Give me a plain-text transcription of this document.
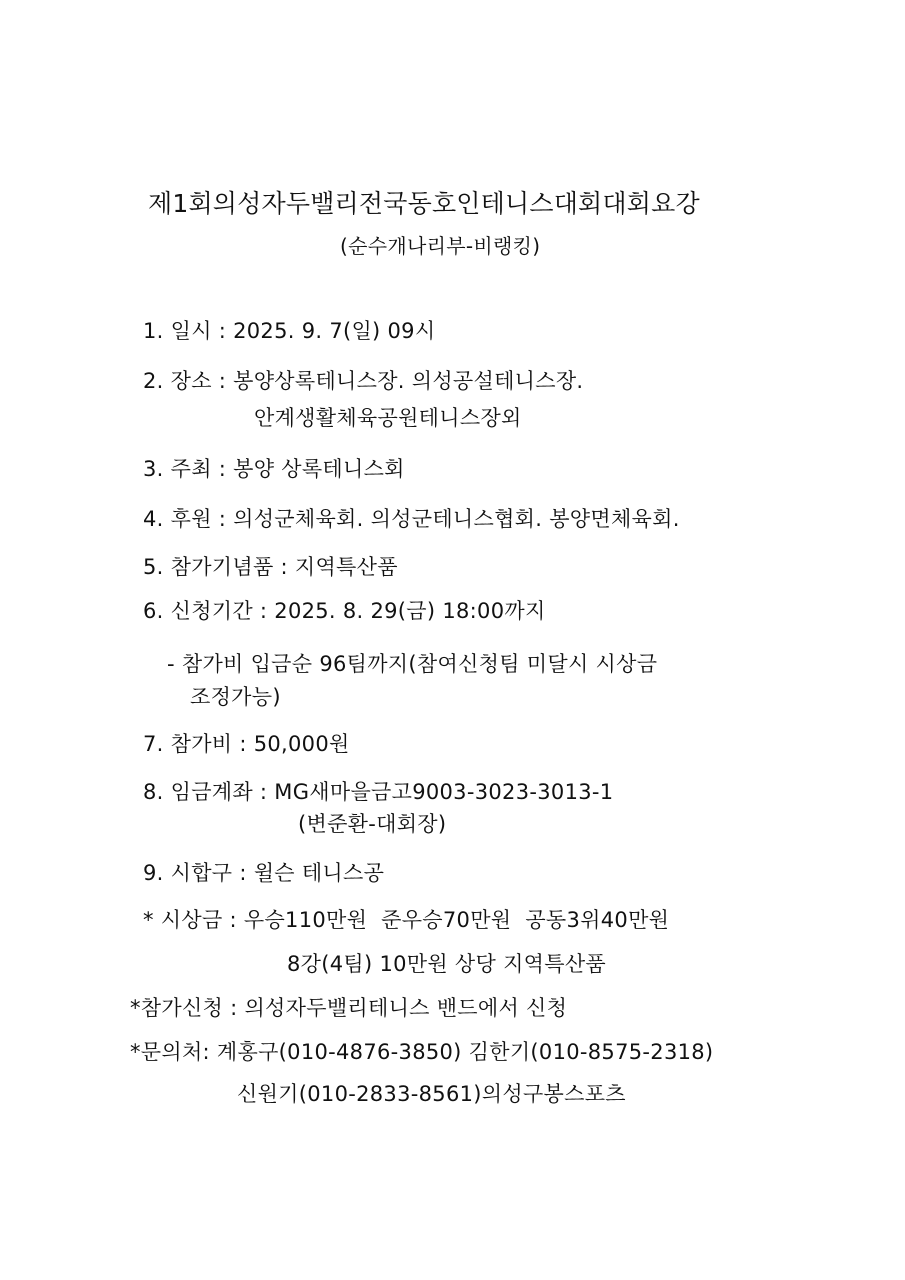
제1회의성자두밸리전국동호인테니스대회대회요강
(순수개나리부-비랭킹)
1. 일시 : 2025. 9. 7(일) 09시
2. 장소 : 봉양상록테니스장. 의성공설테니스장.
안계생활체육공원테니스장외
3. 주최 : 봉양 상록테니스회
4. 후원 : 의성군체육회. 의성군테니스협회. 봉양면체육회.
5. 참가기념품 : 지역특산품
6. 신청기간 : 2025. 8. 29(금) 18:00까지
- 참가비 입금순 96팀까지(참여신청팀 미달시 시상금
조정가능)
7. 참가비 : 50,000원
8. 임금계좌 : MG새마을금고9003-3023-3013-1
(변준환-대회장)
9. 시합구 : 윌슨 테니스공
* 시상금 : 우승110만원  준우승70만원  공동3위40만원
8강(4팀) 10만원 상당 지역특산품
*참가신청 : 의성자두밸리테니스 밴드에서 신청
*문의처: 계홍구(010-4876-3850) 김한기(010-8575-2318)
신원기(010-2833-8561)의성구봉스포츠
